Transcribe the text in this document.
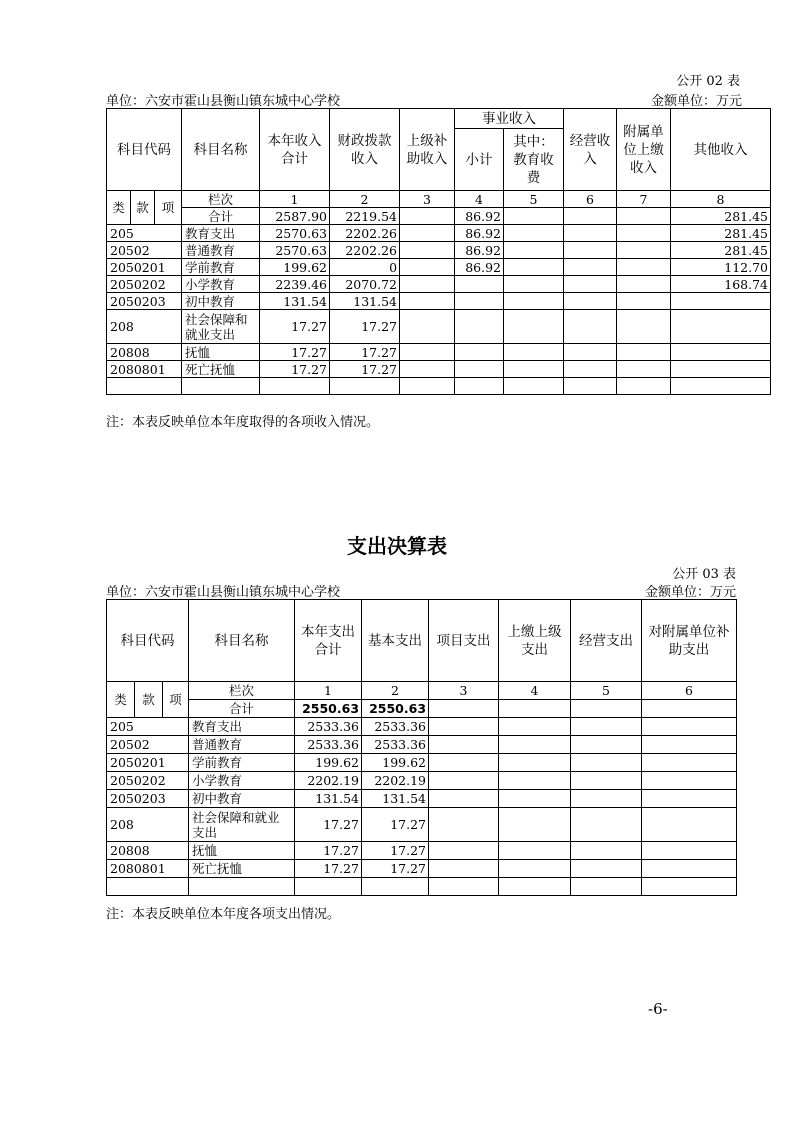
公开 02 表
单位：六安市霍山县衡山镇东城中心学校	金额单位：万元
科目代码			科目名称	本年收入合计	财政拨款收入	上级补助收入	事业收入		经营收入	附属单位上缴收入	其他收入
							小计	其中：教育收费			
类	款	项	栏次	1	2	3	4	5	6	7	8
			合计	2587.90	2219.54		86.92				281.45
205			教育支出	2570.63	2202.26		86.92				281.45
20502			普通教育	2570.63	2202.26		86.92				281.45
2050201			学前教育	199.62	0		86.92				112.70
2050202			小学教育	2239.46	2070.72						168.74
2050203			初中教育	131.54	131.54						
208			社会保障和就业支出	17.27	17.27						
20808			抚恤	17.27	17.27						
2080801			死亡抚恤	17.27	17.27						

注：本表反映单位本年度取得的各项收入情况。
支出决算表
公开 03 表
单位：六安市霍山县衡山镇东城中心学校	金额单位：万元
科目代码			科目名称	本年支出合计	基本支出	项目支出	上缴上级支出	经营支出	对附属单位补助支出
类	款	项	栏次	1	2	3	4	5	6
			合计	2550.63	2550.63				
205			教育支出	2533.36	2533.36				
20502			普通教育	2533.36	2533.36				
2050201			学前教育	199.62	199.62				
2050202			小学教育	2202.19	2202.19				
2050203			初中教育	131.54	131.54				
208			社会保障和就业支出	17.27	17.27				
20808			抚恤	17.27	17.27				
2080801			死亡抚恤	17.27	17.27				

注：本表反映单位本年度各项支出情况。
-6-
